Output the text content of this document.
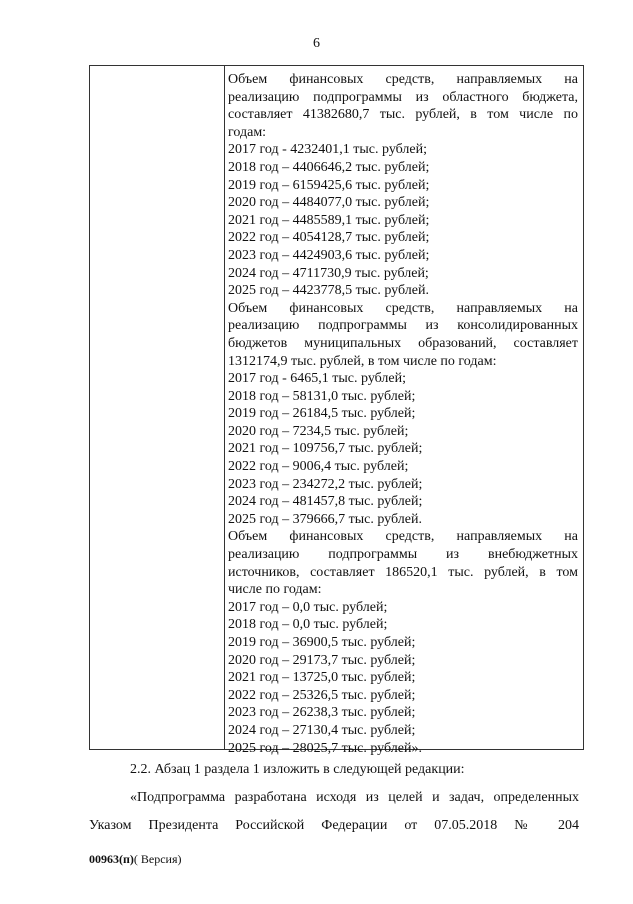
6
Объем финансовых средств, направляемых на
реализацию подпрограммы из областного бюджета,
составляет 41382680,7 тыс. рублей, в том числе по
годам:
2017 год - 4232401,1 тыс. рублей;
2018 год – 4406646,2 тыс. рублей;
2019 год – 6159425,6 тыс. рублей;
2020 год – 4484077,0 тыс. рублей;
2021 год – 4485589,1 тыс. рублей;
2022 год – 4054128,7 тыс. рублей;
2023 год – 4424903,6 тыс. рублей;
2024 год – 4711730,9 тыс. рублей;
2025 год – 4423778,5 тыс. рублей.
Объем финансовых средств, направляемых на
реализацию подпрограммы из консолидированных
бюджетов муниципальных образований, составляет
1312174,9 тыс. рублей, в том числе по годам:
2017 год - 6465,1 тыс. рублей;
2018 год – 58131,0 тыс. рублей;
2019 год – 26184,5 тыс. рублей;
2020 год – 7234,5 тыс. рублей;
2021 год – 109756,7 тыс. рублей;
2022 год – 9006,4 тыс. рублей;
2023 год – 234272,2 тыс. рублей;
2024 год – 481457,8 тыс. рублей;
2025 год – 379666,7 тыс. рублей.
Объем финансовых средств, направляемых на
реализацию подпрограммы из внебюджетных
источников, составляет 186520,1 тыс. рублей, в том
числе по годам:
2017 год – 0,0 тыс. рублей;
2018 год – 0,0 тыс. рублей;
2019 год – 36900,5 тыс. рублей;
2020 год – 29173,7 тыс. рублей;
2021 год – 13725,0 тыс. рублей;
2022 год – 25326,5 тыс. рублей;
2023 год – 26238,3 тыс. рублей;
2024 год – 27130,4 тыс. рублей;
2025 год – 28025,7 тыс. рублей».
2.2. Абзац 1 раздела 1 изложить в следующей редакции:
«Подпрограмма разработана исходя из целей и задач, определенных
Указом Президента Российской Федерации от 07.05.2018 № 204
00963(п)( Версия)
